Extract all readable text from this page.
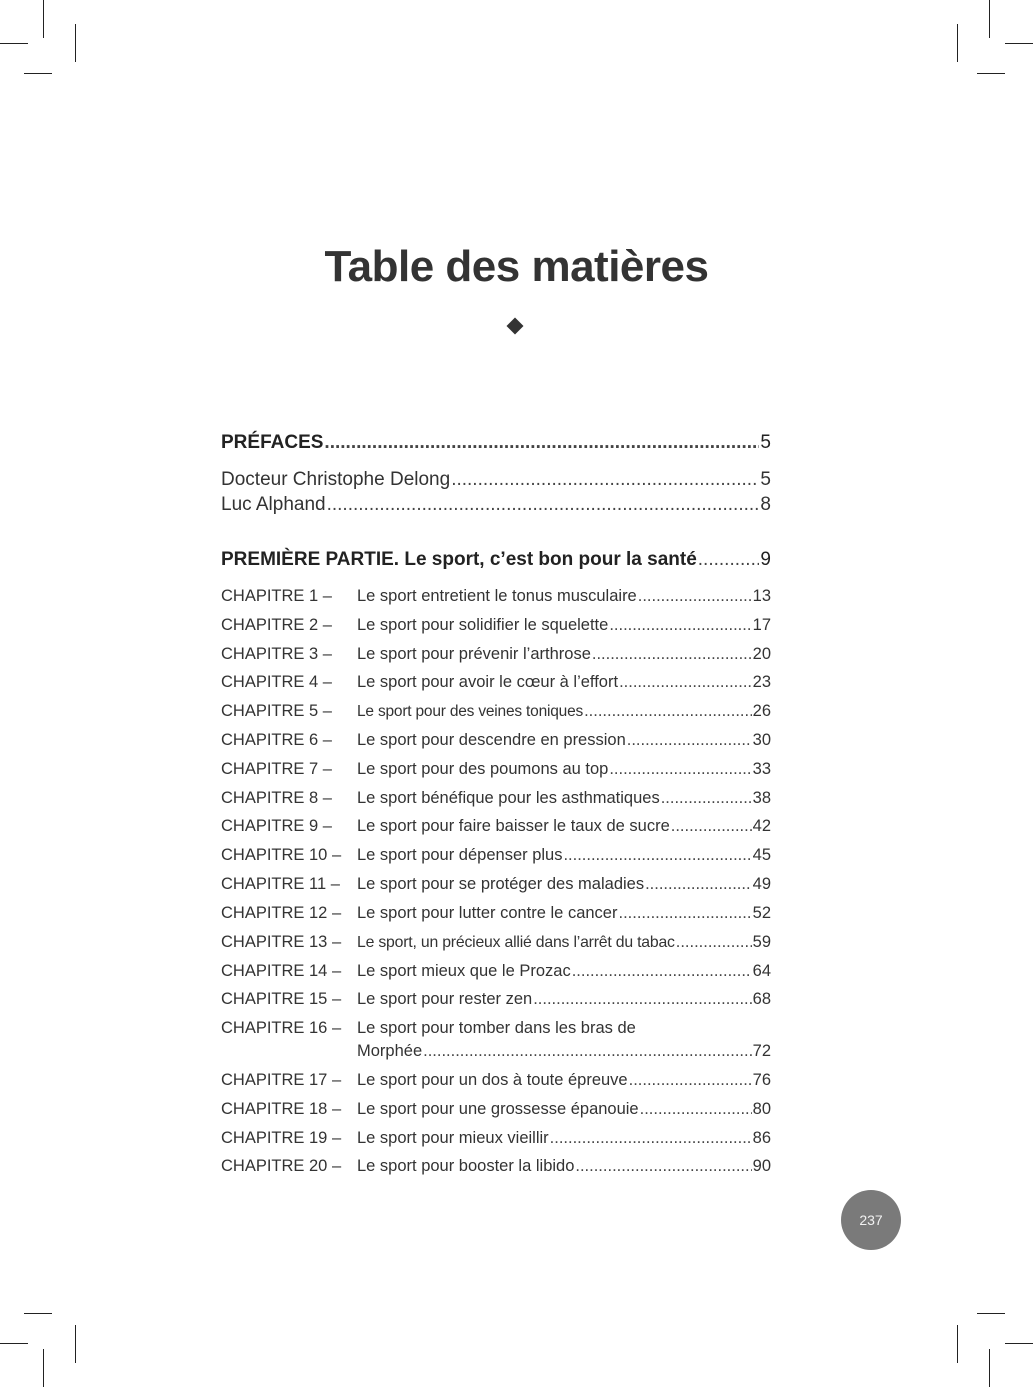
Table des matières
PRÉFACES .....	5
Docteur Christophe Delong .....	5
Luc Alphand .....	8
PREMIÈRE PARTIE. Le sport, c’est bon pour la santé .....	9
CHAPITRE 1 – Le sport entretient le tonus musculaire .....	13
CHAPITRE 2 – Le sport pour solidifier le squelette .....	17
CHAPITRE 3 – Le sport pour prévenir l’arthrose .....	20
CHAPITRE 4 – Le sport pour avoir le cœur à l’effort .....	23
CHAPITRE 5 – Le sport pour des veines toniques .....	26
CHAPITRE 6 – Le sport pour descendre en pression .....	30
CHAPITRE 7 – Le sport pour des poumons au top .....	33
CHAPITRE 8 – Le sport bénéfique pour les asthmatiques .....	38
CHAPITRE 9 – Le sport pour faire baisser le taux de sucre .....	42
CHAPITRE 10 – Le sport pour dépenser plus .....	45
CHAPITRE 11 – Le sport pour se protéger des maladies .....	49
CHAPITRE 12 – Le sport pour lutter contre le cancer .....	52
CHAPITRE 13 – Le sport, un précieux allié dans l’arrêt du tabac .....	59
CHAPITRE 14 – Le sport mieux que le Prozac .....	64
CHAPITRE 15 – Le sport pour rester zen .....	68
CHAPITRE 16 – Le sport pour tomber dans les bras de
Morphée .....	72
CHAPITRE 17 – Le sport pour un dos à toute épreuve .....	76
CHAPITRE 18 – Le sport pour une grossesse épanouie .....	80
CHAPITRE 19 – Le sport pour mieux vieillir .....	86
CHAPITRE 20 – Le sport pour booster la libido .....	90
237
